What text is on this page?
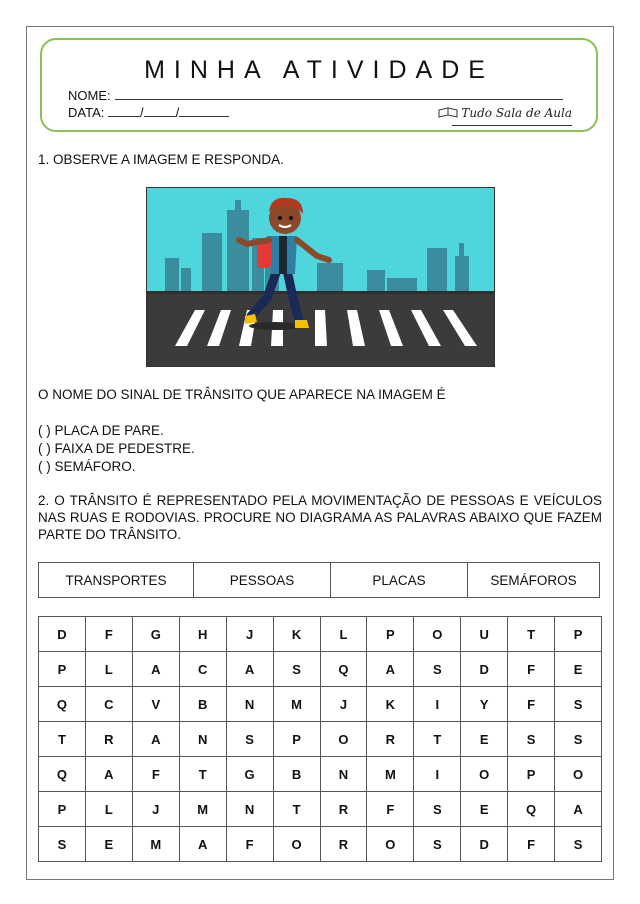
MINHA ATIVIDADE
NOME:
DATA:	/ /	Tudo Sala de Aula
1. OBSERVE A IMAGEM E RESPONDA.
O NOME DO SINAL DE TRÂNSITO QUE APARECE NA IMAGEM É
( ) PLACA DE PARE.
( ) FAIXA DE PEDESTRE.
( ) SEMÁFORO.
2. O TRÂNSITO É REPRESENTADO PELA MOVIMENTAÇÃO DE PESSOAS E VEÍCULOS NAS RUAS E RODOVIAS. PROCURE NO DIAGRAMA AS PALAVRAS ABAIXO QUE FAZEM PARTE DO TRÂNSITO.
TRANSPORTES	PESSOAS	PLACAS	SEMÁFOROS
D	F	G	H	J	K	L	P	O	U	T	P
P	L	A	C	A	S	Q	A	S	D	F	E
Q	C	V	B	N	M	J	K	I	Y	F	S
T	R	A	N	S	P	O	R	T	E	S	S
Q	A	F	T	G	B	N	M	I	O	P	O
P	L	J	M	N	T	R	F	S	E	Q	A
S	E	M	A	F	O	R	O	S	D	F	S
